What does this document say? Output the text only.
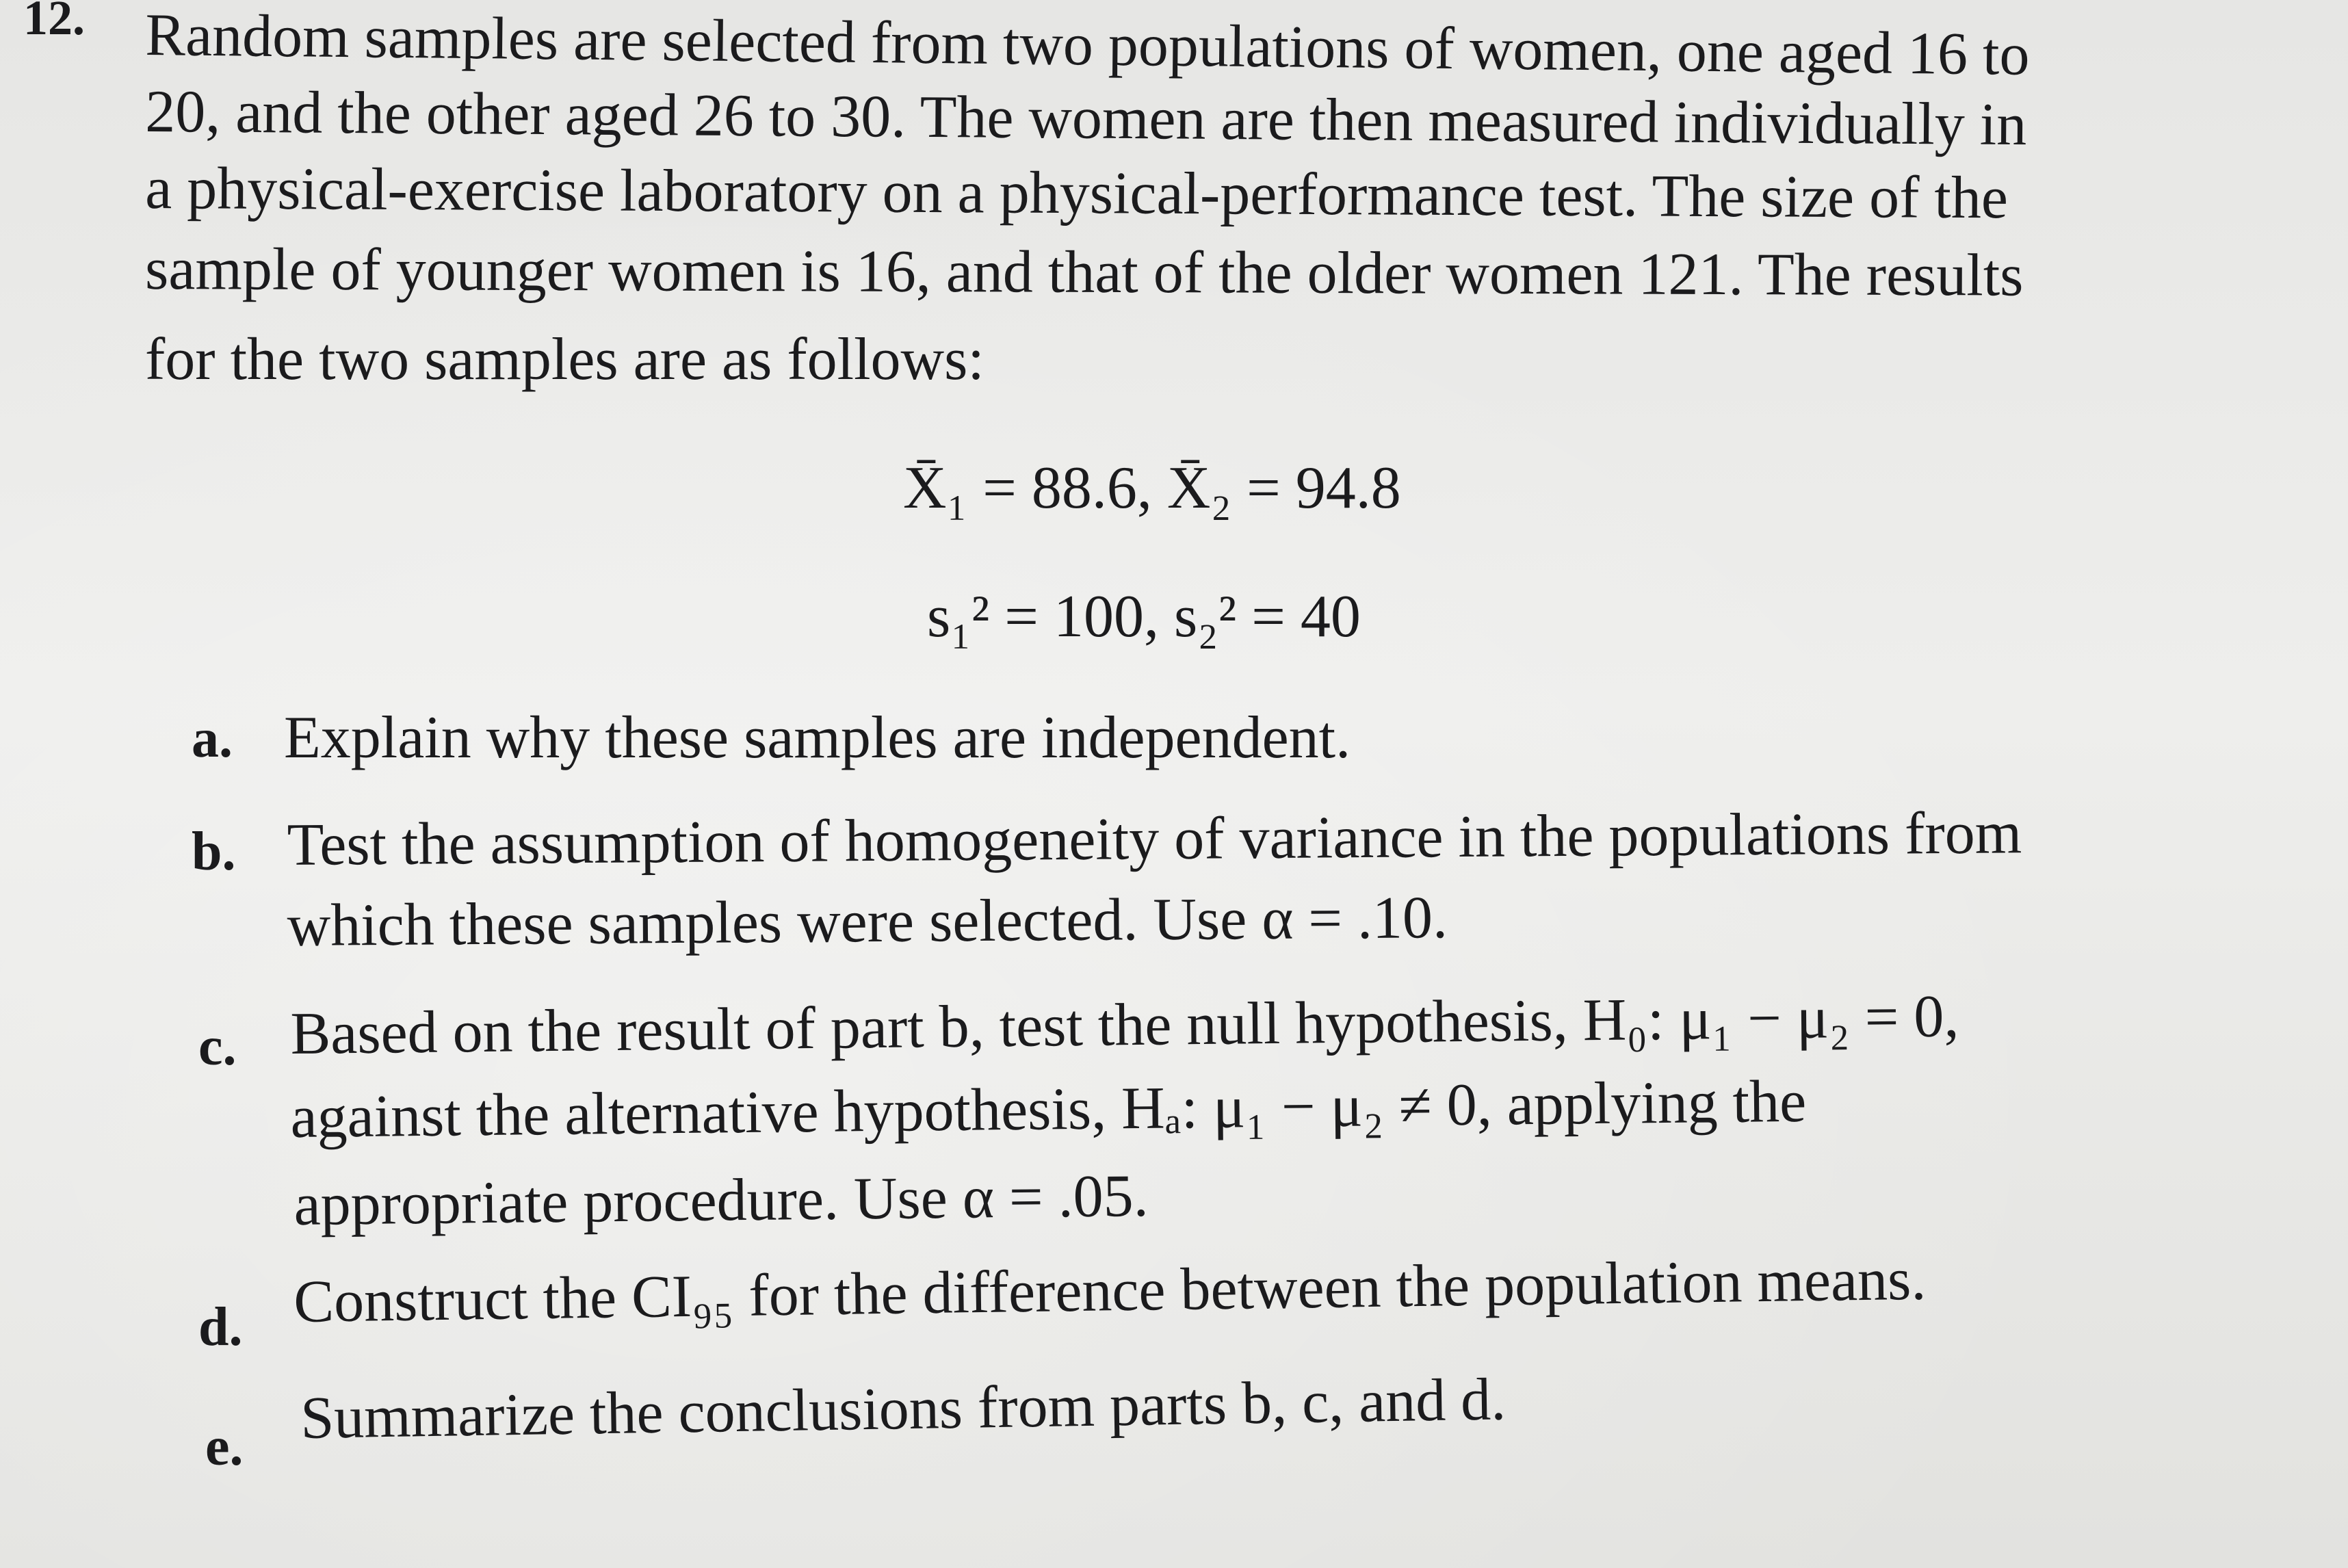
12. Random samples are selected from two populations of women, one aged 16 to
20, and the other aged 26 to 30. The women are then measured individually in
a physical-exercise laboratory on a physical-performance test. The size of the
sample of younger women is 16, and that of the older women 121. The results
for the two samples are as follows:
X̄₁ = 88.6, X̄₂ = 94.8
s₁² = 100, s₂² = 40
a. Explain why these samples are independent.
b. Test the assumption of homogeneity of variance in the populations from
which these samples were selected. Use α = .10.
c. Based on the result of part b, test the null hypothesis, H₀: μ₁ − μ₂ = 0,
against the alternative hypothesis, Hₐ: μ₁ − μ₂ ≠ 0, applying the
appropriate procedure. Use α = .05.
d. Construct the CI₉₅ for the difference between the population means.
e. Summarize the conclusions from parts b, c, and d.
